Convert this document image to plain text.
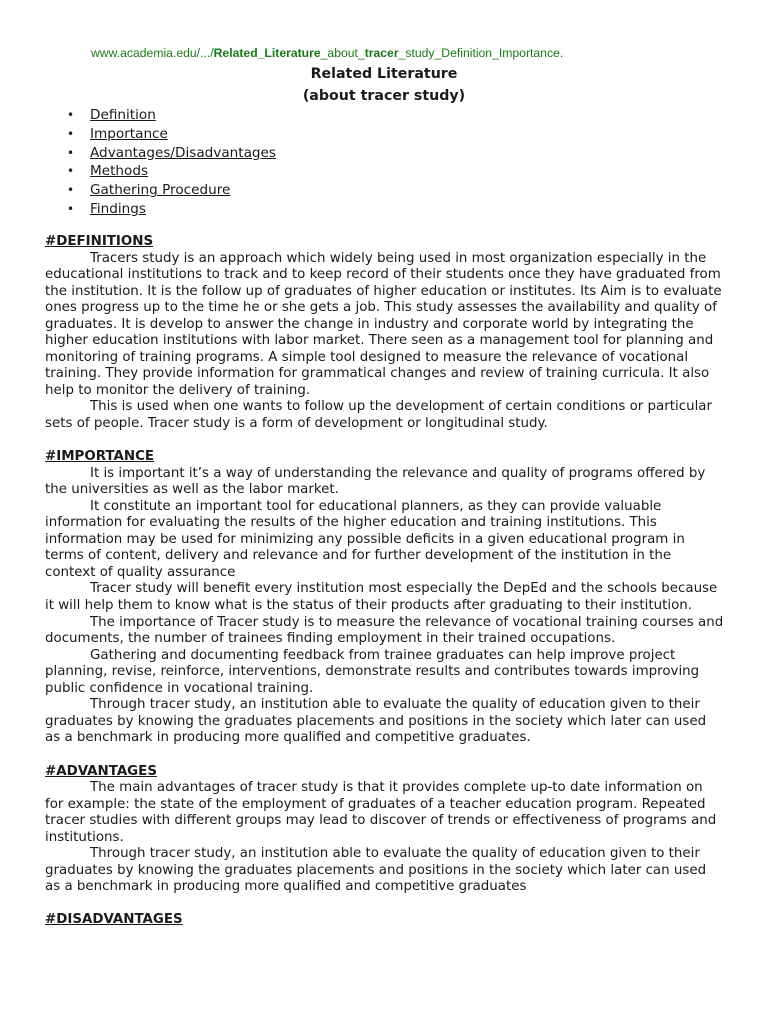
www.academia.edu/.../Related_Literature_about_tracer_study_Definition_Importance.
Related Literature
(about tracer study)
• Definition
• Importance
• Advantages/Disadvantages
• Methods
• Gathering Procedure
• Findings
#DEFINITIONS

Tracers study is an approach which widely being used in most organization especially in the educational institutions to track and to keep record of their students once they have graduated from the institution. It is the follow up of graduates of higher education or institutes. Its Aim is to evaluate ones progress up to the time he or she gets a job. This study assesses the availability and quality of graduates. It is develop to answer the change in industry and corporate world by integrating the higher education institutions with labor market. There seen as a management tool for planning and monitoring of training programs. A simple tool designed to measure the relevance of vocational training. They provide information for grammatical changes and review of training curricula. It also help to monitor the delivery of training.

This is used when one wants to follow up the development of certain conditions or particular sets of people. Tracer study is a form of development or longitudinal study.

#IMPORTANCE

It is important it’s a way of understanding the relevance and quality of programs offered by the universities as well as the labor market.

It constitute an important tool for educational planners, as they can provide valuable information for evaluating the results of the higher education and training institutions. This information may be used for minimizing any possible deficits in a given educational program in terms of content, delivery and relevance and for further development of the institution in the context of quality assurance

Tracer study will benefit every institution most especially the DepEd and the schools because it will help them to know what is the status of their products after graduating to their institution.

The importance of Tracer study is to measure the relevance of vocational training courses and documents, the number of trainees finding employment in their trained occupations.

Gathering and documenting feedback from trainee graduates can help improve project planning, revise, reinforce, interventions, demonstrate results and contributes towards improving public confidence in vocational training.

Through tracer study, an institution able to evaluate the quality of education given to their graduates by knowing the graduates placements and positions in the society which later can used as a benchmark in producing more qualified and competitive graduates.

#ADVANTAGES

The main advantages of tracer study is that it provides complete up-to date information on for example: the state of the employment of graduates of a teacher education program. Repeated tracer studies with different groups may lead to discover of trends or effectiveness of programs and institutions.

Through tracer study, an institution able to evaluate the quality of education given to their graduates by knowing the graduates placements and positions in the society which later can used as a benchmark in producing more qualified and competitive graduates

#DISADVANTAGES
